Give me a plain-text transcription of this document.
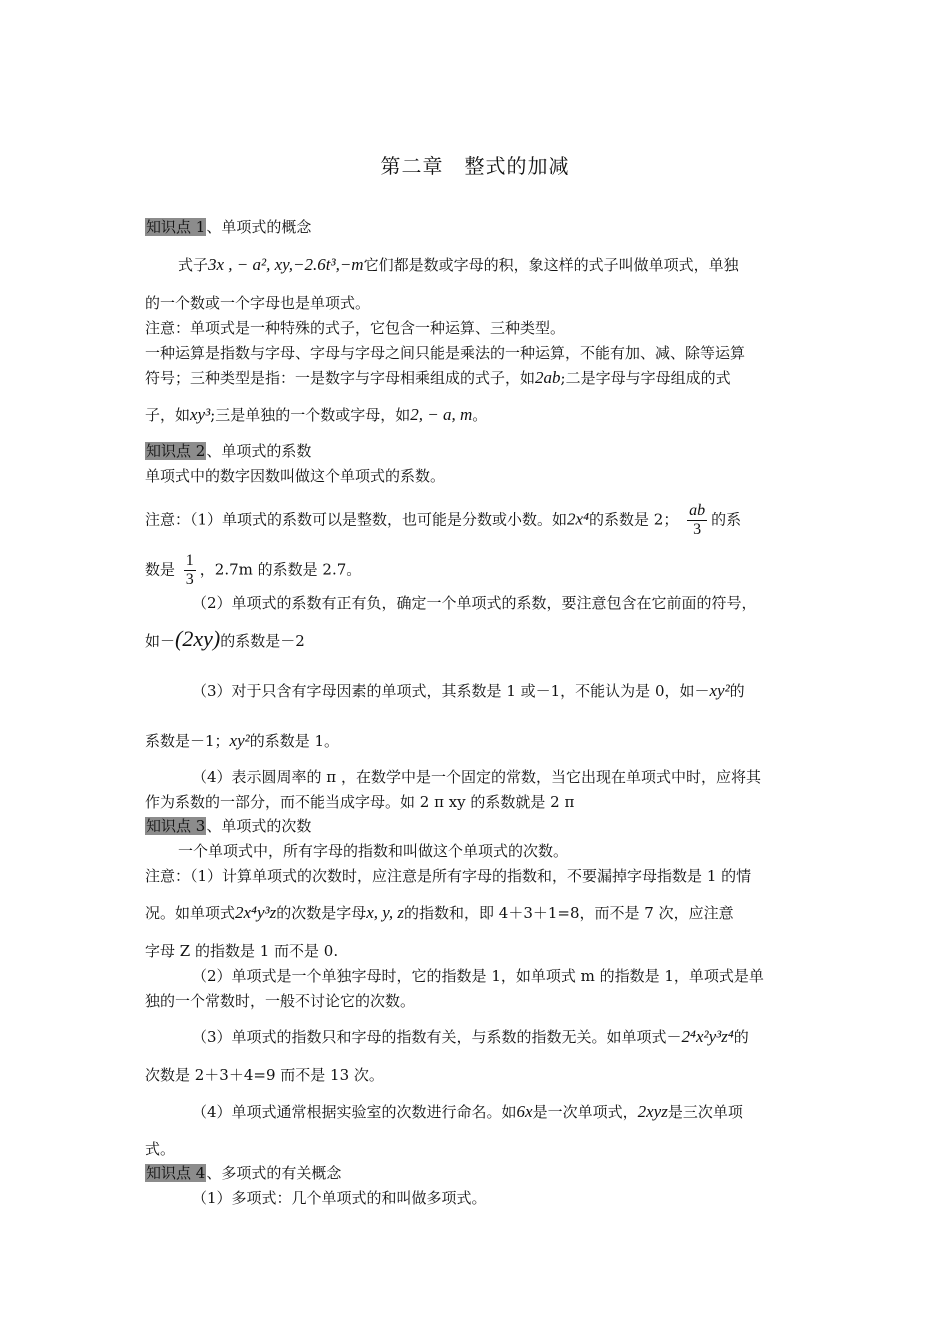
第二章　整式的加减
知识点 1、单项式的概念
式子3x , − a², xy,−2.6t³,−m它们都是数或字母的积，象这样的式子叫做单项式，单独
的一个数或一个字母也是单项式。
注意：单项式是一种特殊的式子，它包含一种运算、三种类型。
一种运算是指数与字母、字母与字母之间只能是乘法的一种运算，不能有加、减、除等运算
符号；三种类型是指：一是数字与字母相乘组成的式子，如2ab;二是字母与字母组成的式
子，如xy³;三是单独的一个数或字母，如2, − a, m。
知识点 2、单项式的系数
单项式中的数字因数叫做这个单项式的系数。
注意：（1）单项式的系数可以是整数，也可能是分数或小数。如2x⁴的系数是 2； $\frac{ab}{3}$ 的系
数是 $\frac{1}{3}$ ，2.7m 的系数是 2.7。
（2）单项式的系数有正有负，确定一个单项式的系数，要注意包含在它前面的符号，
如－(2xy)的系数是－2
（3）对于只含有字母因素的单项式，其系数是 1 或－1，不能认为是 0，如－xy²的
系数是－1；xy²的系数是 1。
（4）表示圆周率的 π ，在数学中是一个固定的常数，当它出现在单项式中时，应将其
作为系数的一部分，而不能当成字母。如 2 π xy 的系数就是 2 π
知识点 3、单项式的次数
一个单项式中，所有字母的指数和叫做这个单项式的次数。
注意：（1）计算单项式的次数时，应注意是所有字母的指数和，不要漏掉字母指数是 1 的情
况。如单项式2x⁴y³z的次数是字母x, y, z的指数和，即 4＋3＋1=8，而不是 7 次，应注意
字母 Z 的指数是 1 而不是 0.
（2）单项式是一个单独字母时，它的指数是 1，如单项式 m 的指数是 1，单项式是单
独的一个常数时，一般不讨论它的次数。
（3）单项式的指数只和字母的指数有关，与系数的指数无关。如单项式－2⁴x²y³z⁴的
次数是 2＋3＋4=9 而不是 13 次。
（4）单项式通常根据实验室的次数进行命名。如6x是一次单项式，2xyz是三次单项
式。
知识点 4、多项式的有关概念
（1）多项式：几个单项式的和叫做多项式。
